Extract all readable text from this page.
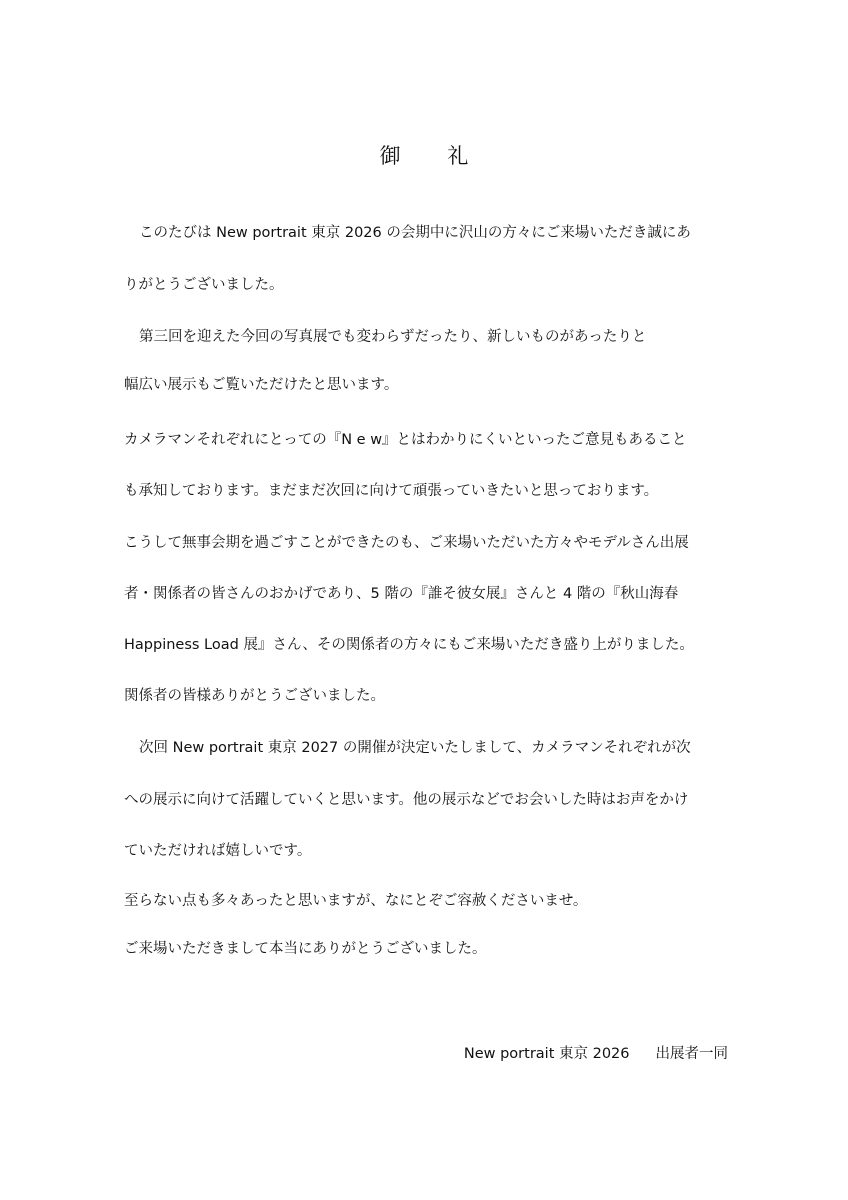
御 礼
このたびは New portrait 東京 2026 の会期中に沢山の方々にご来場いただき誠にあ
りがとうございました。
第三回を迎えた今回の写真展でも変わらずだったり、新しいものがあったりと
幅広い展示もご覧いただけたと思います。
カメラマンそれぞれにとっての『N e w』とはわかりにくいといったご意見もあること
も承知しております。まだまだ次回に向けて頑張っていきたいと思っております。
こうして無事会期を過ごすことができたのも、ご来場いただいた方々やモデルさん出展
者・関係者の皆さんのおかげであり、5 階の『誰そ彼女展』さんと 4 階の『秋山海春
Happiness Load 展』さん、その関係者の方々にもご来場いただき盛り上がりました。
関係者の皆様ありがとうございました。
次回 New portrait 東京 2027 の開催が決定いたしまして、カメラマンそれぞれが次
への展示に向けて活躍していくと思います。他の展示などでお会いした時はお声をかけ
ていただければ嬉しいです。
至らない点も多々あったと思いますが、なにとぞご容赦くださいませ。
ご来場いただきまして本当にありがとうございました。
New portrait 東京 2026 出展者一同
